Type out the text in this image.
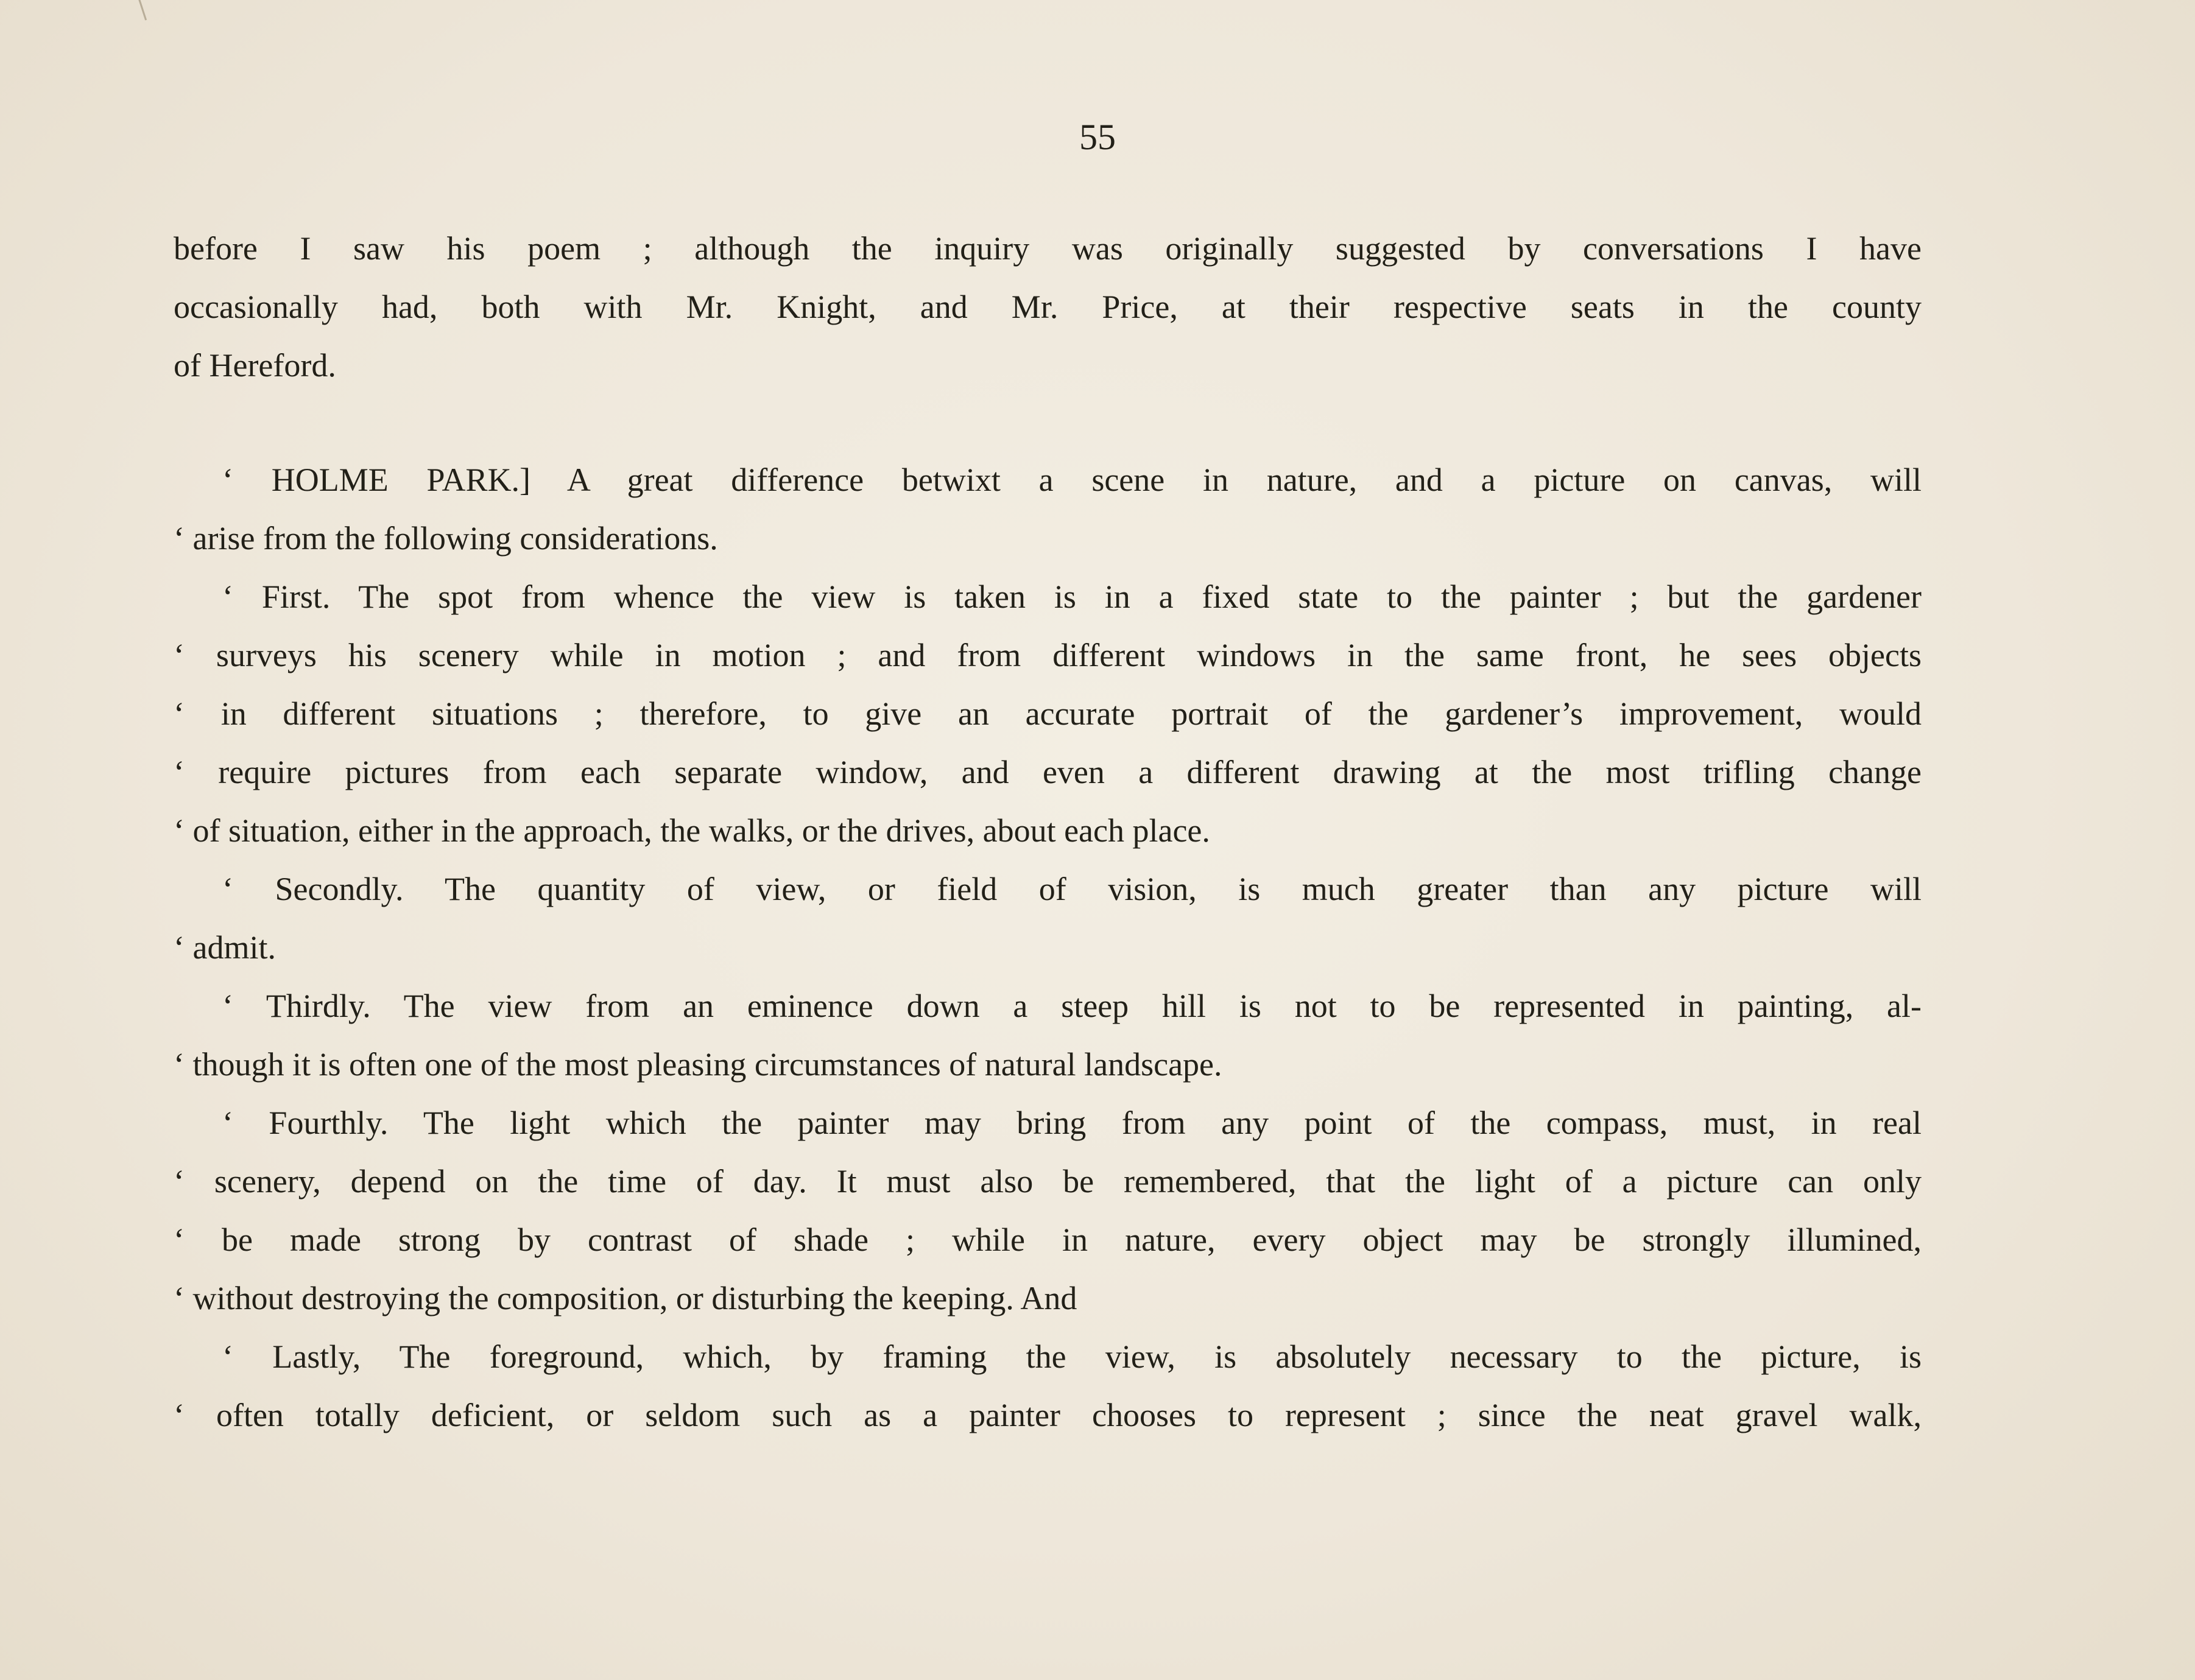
55
before I saw his poem ; although the inquiry was originally suggested by conversations I have
occasionally had, both with Mr. Knight, and Mr. Price, at their respective seats in the county
of Hereford.
‘ HOLME PARK.] A great difference betwixt a scene in nature, and a picture on canvas, will
‘ arise from the following considerations.
‘ First. The spot from whence the view is taken is in a fixed state to the painter ; but the gardener
‘ surveys his scenery while in motion ; and from different windows in the same front, he sees objects
‘ in different situations ; therefore, to give an accurate portrait of the gardener’s improvement, would
‘ require pictures from each separate window, and even a different drawing at the most trifling change
‘ of situation, either in the approach, the walks, or the drives, about each place.
‘ Secondly. The quantity of view, or field of vision, is much greater than any picture will
‘ admit.
‘ Thirdly. The view from an eminence down a steep hill is not to be represented in painting, al-
‘ though it is often one of the most pleasing circumstances of natural landscape.
‘ Fourthly. The light which the painter may bring from any point of the compass, must, in real
‘ scenery, depend on the time of day. It must also be remembered, that the light of a picture can only
‘ be made strong by contrast of shade ; while in nature, every object may be strongly illumined,
‘ without destroying the composition, or disturbing the keeping. And
‘ Lastly, The foreground, which, by framing the view, is absolutely necessary to the picture, is
‘ often totally deficient, or seldom such as a painter chooses to represent ; since the neat gravel walk,
